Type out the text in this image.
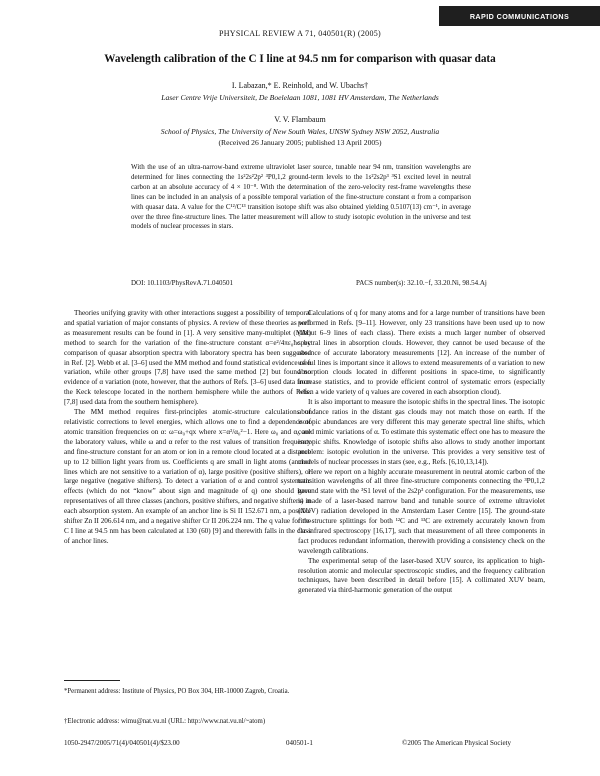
RAPID COMMUNICATIONS
PHYSICAL REVIEW A 71, 040501(R) (2005)
Wavelength calibration of the C I line at 94.5 nm for comparison with quasar data
I. Labazan,* E. Reinhold, and W. Ubachs†
Laser Centre Vrije Universiteit, De Boelelaan 1081, 1081 HV Amsterdam, The Netherlands
V. V. Flambaum
School of Physics, The University of New South Wales, UNSW Sydney NSW 2052, Australia
(Received 26 January 2005; published 13 April 2005)
With the use of an ultra-narrow-band extreme ultraviolet laser source, tunable near 94 nm, transition wavelengths are determined for lines connecting the 1s²2s²2p² ³P0,1,2 ground-term levels to the 1s²2s2p³ ³S1 excited level in neutral carbon at an absolute accuracy of 4 × 10⁻⁸. With the determination of the zero-velocity rest-frame wavelengths these lines can be included in an analysis of a possible temporal variation of the fine-structure constant α from a comparison with quasar data. A value for the C¹²/C¹³ transition isotope shift was also obtained yielding 0.5107(13) cm⁻¹, in average over the three fine-structure lines. The latter measurement will allow to study isotopic evolution in the universe and test models of nuclear processes in stars.
DOI: 10.1103/PhysRevA.71.040501	PACS number(s): 32.10.−f, 33.20.Ni, 98.54.Aj

Theories unifying gravity with other interactions suggest a possibility of temporal and spatial variation of major constants of physics. A review of these theories as well as measurement results can be found in [1]. A very sensitive many-multiplet (MM) method to search for the variation of the fine-structure constant α=e²/4πε₀ħc by comparison of quasar absorption spectra with laboratory spectra has been suggested in Ref. [2]. Webb et al. [3–6] used the MM method and found statistical evidence of α variation, while other groups [7,8] have used the same method [2] but found no evidence of α variation (note, however, that the authors of Refs. [3–6] used data from the Keck telescope located in the northern hemisphere while the authors of Refs. [7,8] used data from the southern hemisphere).

The MM method requires first-principles atomic-structure calculations of relativistic corrections to level energies, which allows one to find a dependence of atomic transition frequencies on α: ω=ω₀+qx where x=α²/α₀²−1. Here ω₀ and α₀ are the laboratory values, while ω and α refer to the rest values of transition frequency and fine-structure constant for an atom or ion in a remote cloud located at a distance up to 12 billion light years from us. Coefficients q are small in light atoms (anchor lines which are not sensitive to a variation of α), large positive (positive shifters), or large negative (negative shifters). To detect a variation of α and control systematic effects (which do not “know” about sign and magnitude of q) one should have representatives of all three classes (anchors, positive shifters, and negative shifters) in each absorption system. An example of an anchor line is Si II 152.671 nm, a positive shifter Zn II 206.614 nm, and a negative shifter Cr II 206.224 nm. The q value for the C I line at 94.5 nm has been calculated at 130 (60) [9] and therewith falls in the class of anchor lines.

Calculations of q for many atoms and for a large number of transitions have been performed in Refs. [9–11]. However, only 23 transitions have been used up to now (about 6–9 lines of each class). There exists a much larger number of observed spectral lines in absorption clouds. However, they cannot be used because of the absence of accurate laboratory measurements [12]. An increase of the number of useful lines is important since it allows to extend measurements of α variation to new absorption clouds located in different positions in space-time, to significantly increase statistics, and to provide efficient control of systematic errors (especially when a wide variety of q values are covered in each absorption cloud).

It is also important to measure the isotopic shifts in the spectral lines. The isotopic abundance ratios in the distant gas clouds may not match those on earth. If the isotopic abundances are very different this may generate spectral line shifts, which could mimic variations of α. To estimate this systematic effect one has to measure the isotopic shifts. Knowledge of isotopic shifts also allows to study another important problem: isotopic evolution in the universe. This provides a very sensitive test of models of nuclear processes in stars (see, e.g., Refs. [6,10,13,14]).

Here we report on a highly accurate measurement in neutral atomic carbon of the transition wavelengths of all three fine-structure components connecting the ³P0,1,2 ground state with the ³S1 level of the 2s2p³ configuration. For the measurements, use is made of a laser-based narrow band and tunable source of extreme ultraviolet (XUV) radiation developed in the Amsterdam Laser Centre [15]. The ground-state fine-structure splittings for both ¹²C and ¹³C are extremely accurately known from far-infrared spectroscopy [16,17], such that measurement of all three components in fact produces redundant information, therewith providing a consistency check on the wavelength calibrations.

The experimental setup of the laser-based XUV source, its application to high-resolution atomic and molecular spectroscopic studies, and the frequency calibration techniques, have been described in detail before [15]. A collimated XUV beam, generated via third-harmonic generation of the output

*Permanent address: Institute of Physics, PO Box 304, HR-10000 Zagreb, Croatia.
†Electronic address: wimu@nat.vu.nl (URL: http://www.nat.vu.nl/~atom)
1050-2947/2005/71(4)/040501(4)/$23.00	040501-1	©2005 The American Physical Society
